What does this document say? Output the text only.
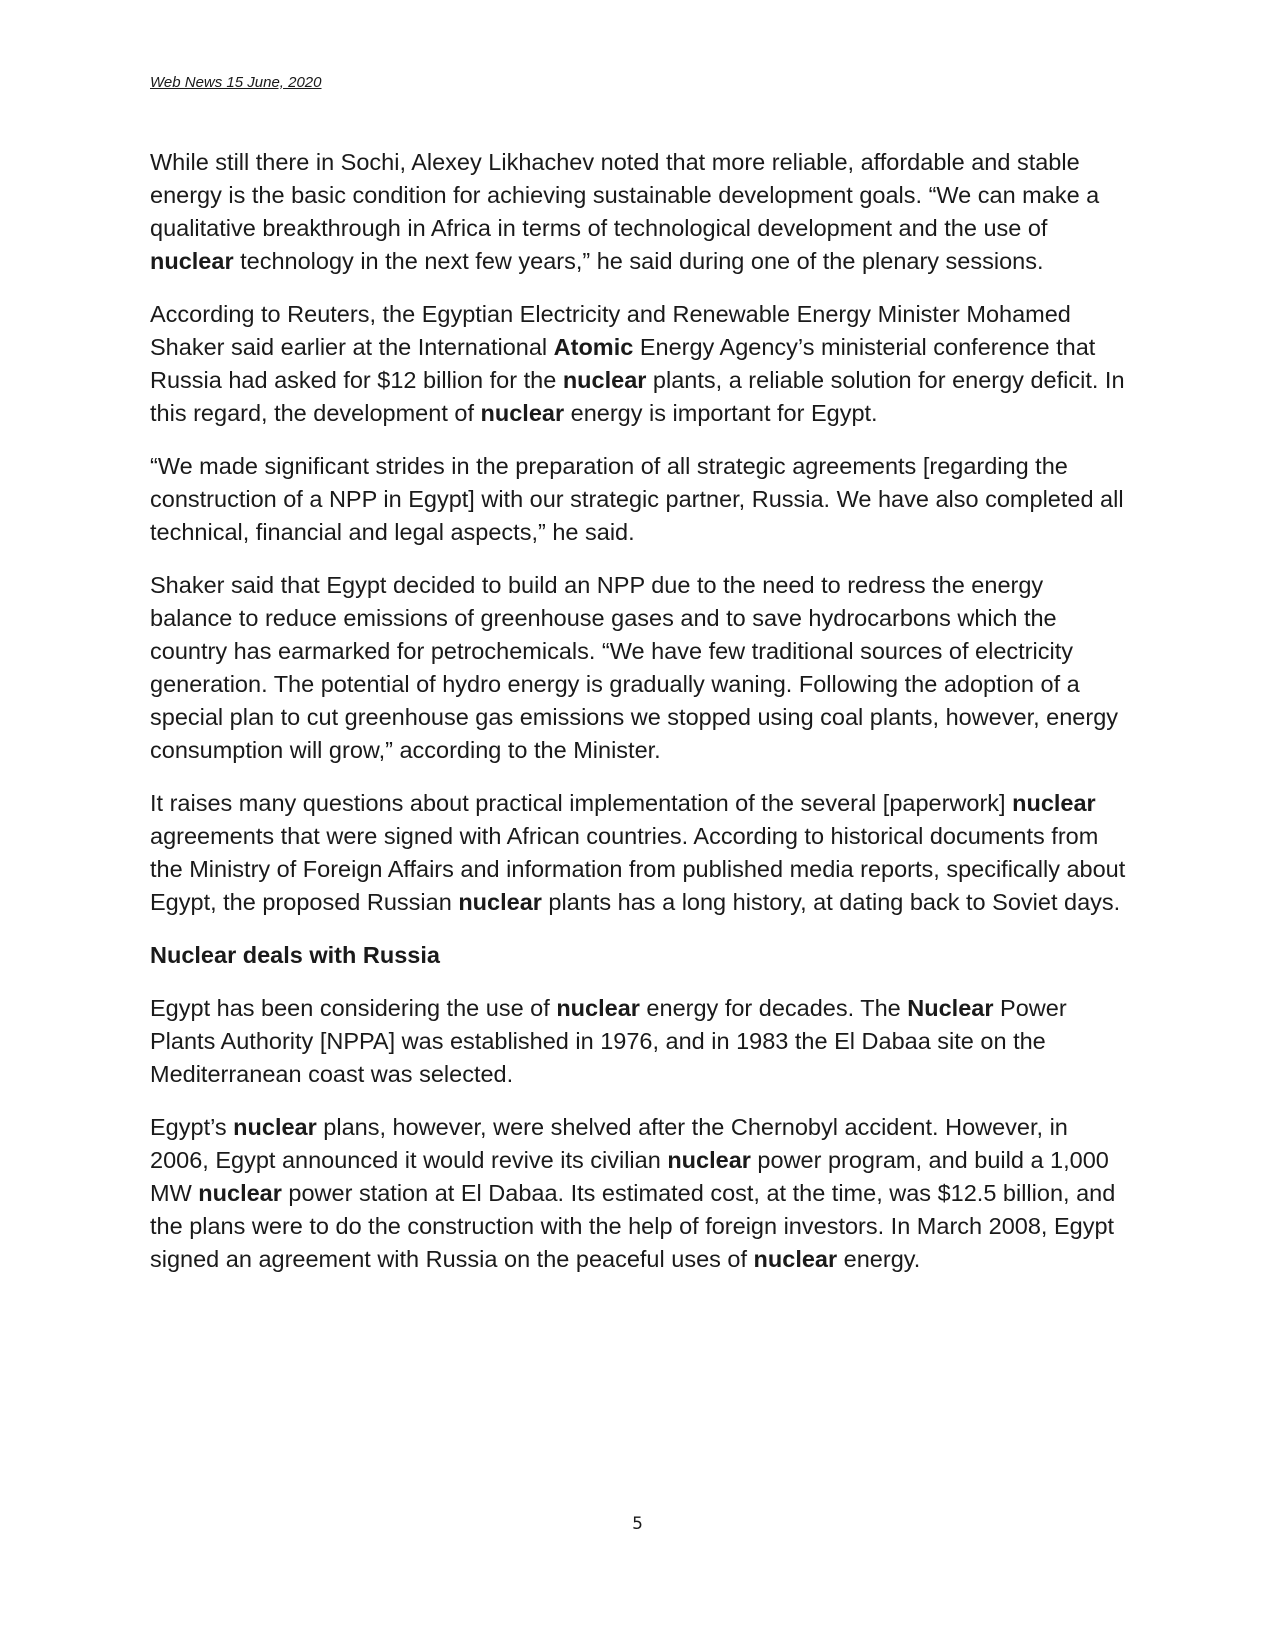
Web News 15 June, 2020

While still there in Sochi, Alexey Likhachev noted that more reliable, affordable and stable energy is the basic condition for achieving sustainable development goals. “We can make a qualitative breakthrough in Africa in terms of technological development and the use of nuclear technology in the next few years,” he said during one of the plenary sessions.

According to Reuters, the Egyptian Electricity and Renewable Energy Minister Mohamed Shaker said earlier at the International Atomic Energy Agency’s ministerial conference that Russia had asked for $12 billion for the nuclear plants, a reliable solution for energy deficit. In this regard, the development of nuclear energy is important for Egypt.

“We made significant strides in the preparation of all strategic agreements [regarding the construction of a NPP in Egypt] with our strategic partner, Russia. We have also completed all technical, financial and legal aspects,” he said.

Shaker said that Egypt decided to build an NPP due to the need to redress the energy balance to reduce emissions of greenhouse gases and to save hydrocarbons which the country has earmarked for petrochemicals. “We have few traditional sources of electricity generation. The potential of hydro energy is gradually waning. Following the adoption of a special plan to cut greenhouse gas emissions we stopped using coal plants, however, energy consumption will grow,” according to the Minister.

It raises many questions about practical implementation of the several [paperwork] nuclear agreements that were signed with African countries. According to historical documents from the Ministry of Foreign Affairs and information from published media reports, specifically about Egypt, the proposed Russian nuclear plants has a long history, at dating back to Soviet days.

Nuclear deals with Russia

Egypt has been considering the use of nuclear energy for decades. The Nuclear Power Plants Authority [NPPA] was established in 1976, and in 1983 the El Dabaa site on the Mediterranean coast was selected.

Egypt’s nuclear plans, however, were shelved after the Chernobyl accident. However, in 2006, Egypt announced it would revive its civilian nuclear power program, and build a 1,000 MW nuclear power station at El Dabaa. Its estimated cost, at the time, was $12.5 billion, and the plans were to do the construction with the help of foreign investors. In March 2008, Egypt signed an agreement with Russia on the peaceful uses of nuclear energy.

5
